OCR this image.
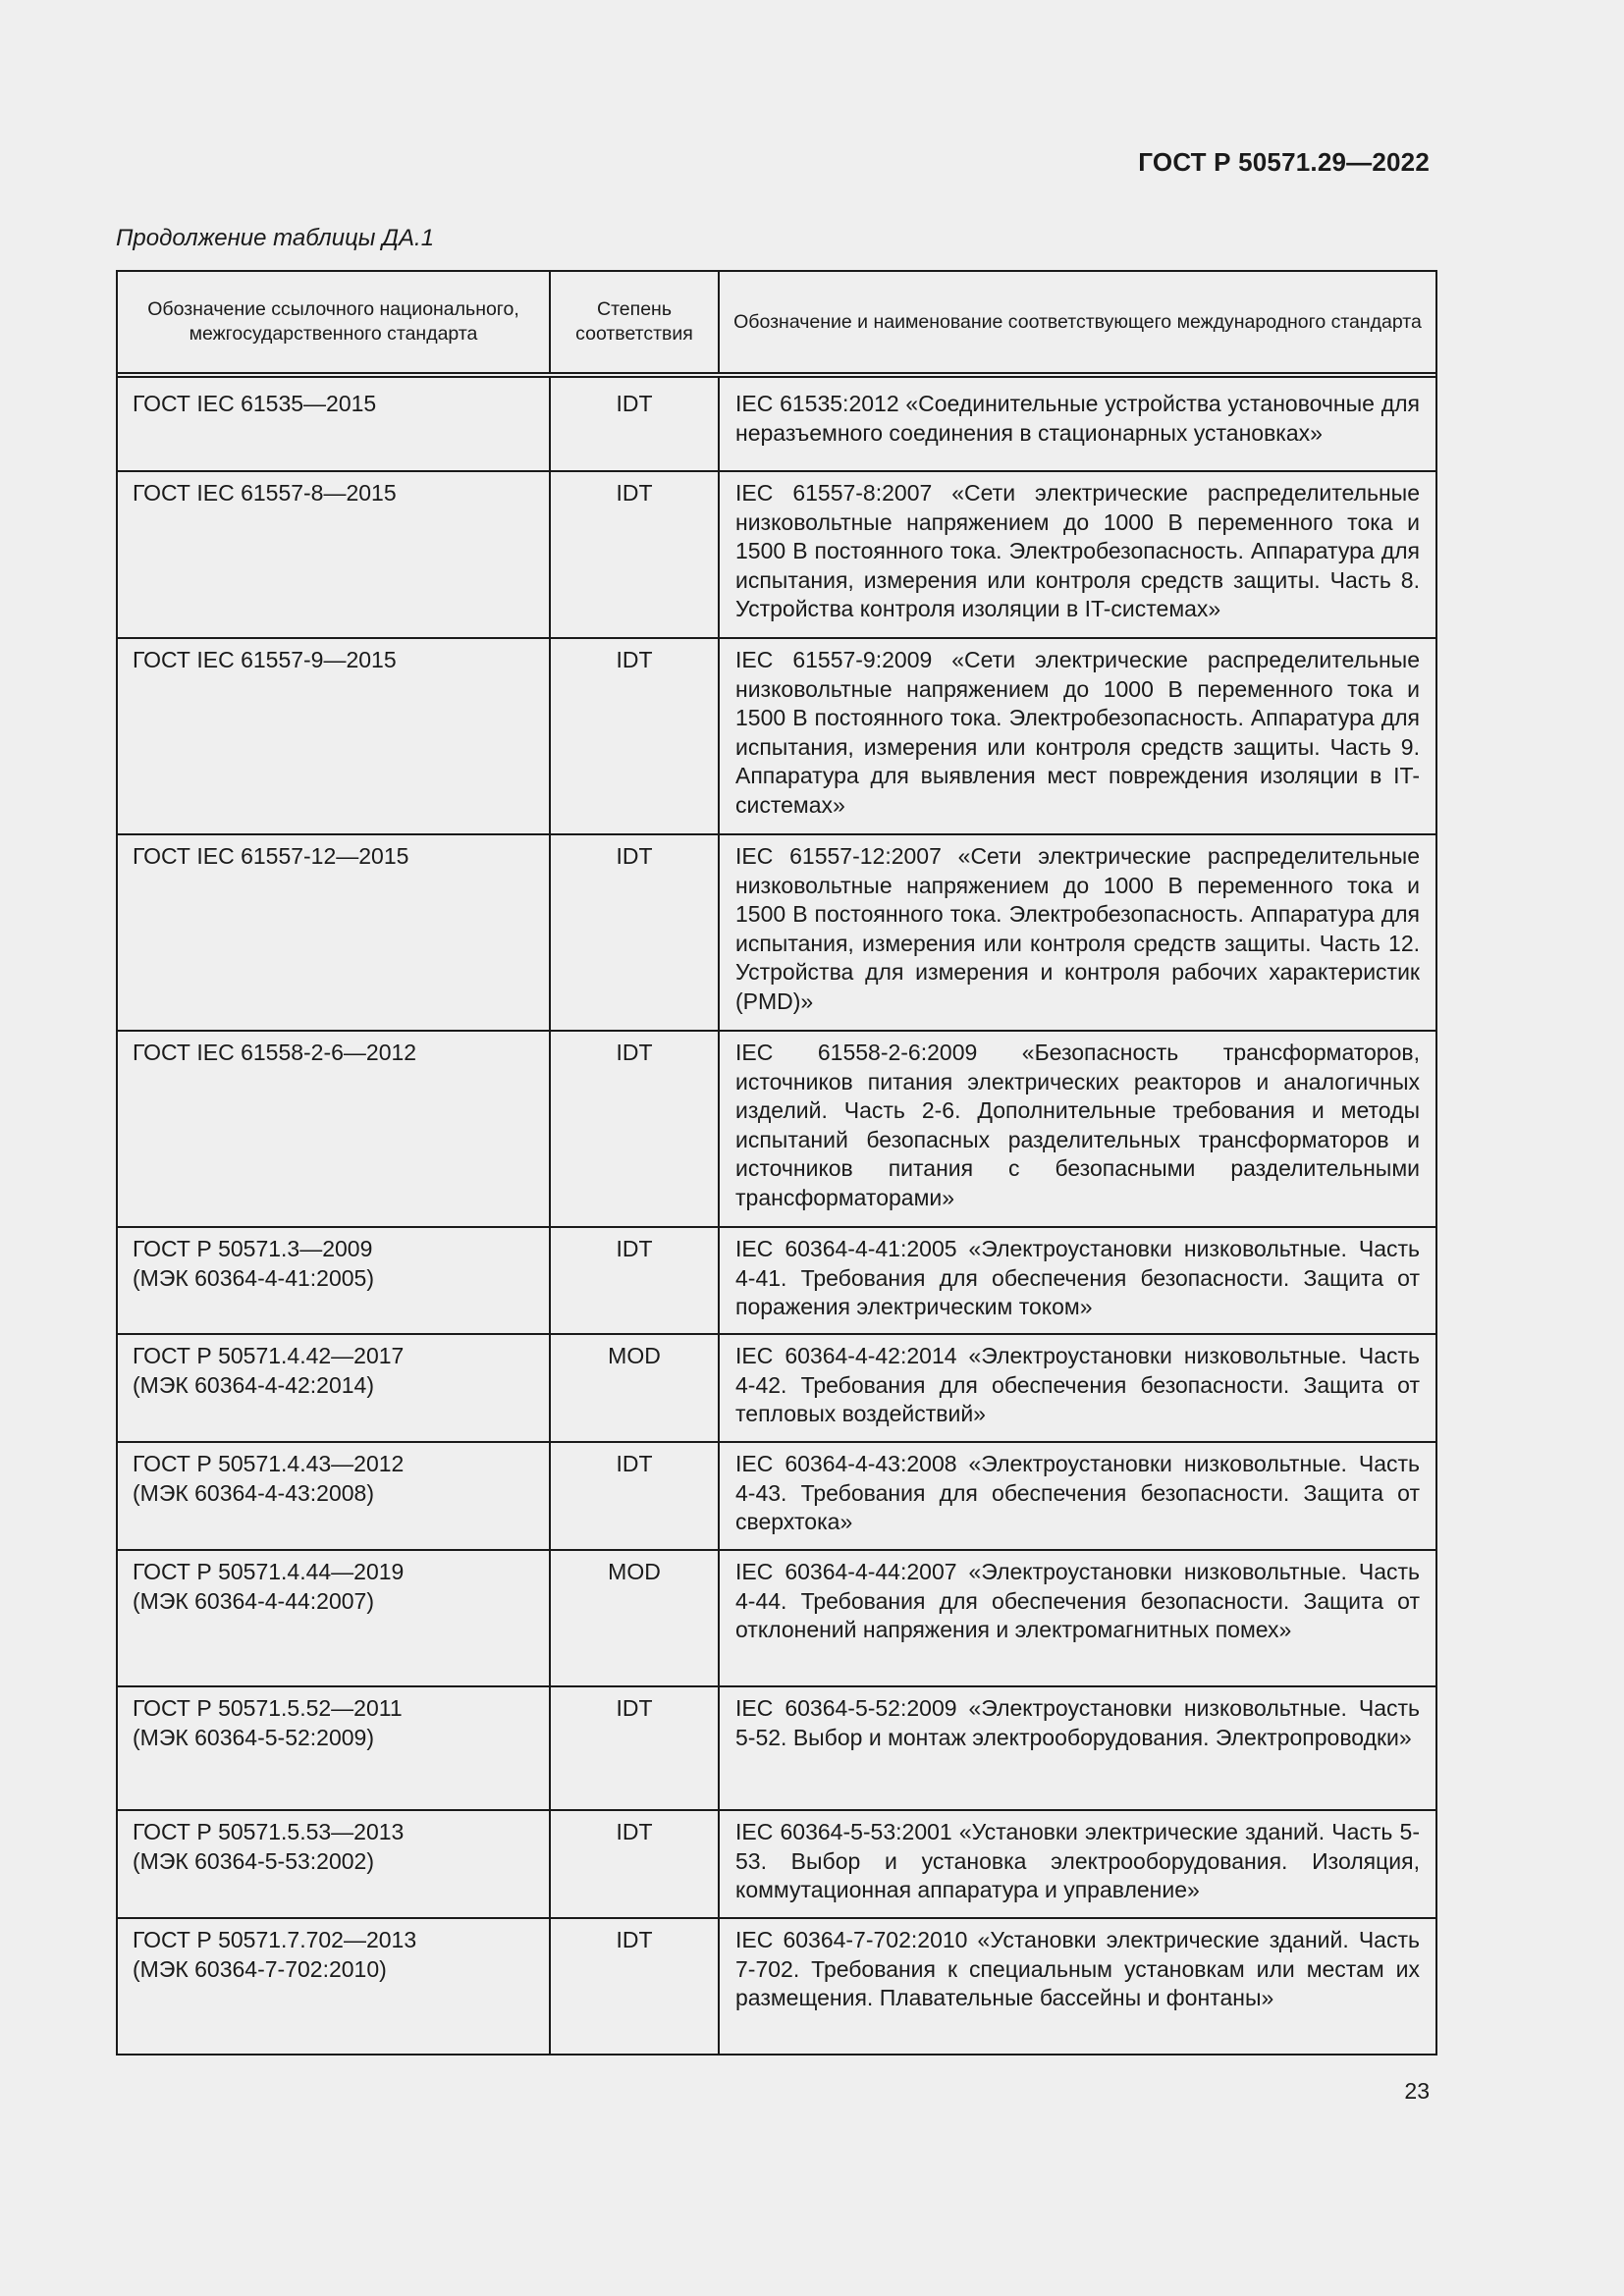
ГОСТ Р 50571.29—2022
Продолжение таблицы ДА.1
Обозначение ссылочного национального, межгосударственного стандарта	Степень соответствия	Обозначение и наименование соответствующего международного стандарта

ГОСТ IEC 61535—2015	IDT	IEC 61535:2012 «Соединительные устройства установочные для неразъемного соединения в стационарных установках»

ГОСТ IEC 61557-8—2015	IDT	IEC 61557-8:2007 «Сети электрические распределительные низковольтные напряжением до 1000 В переменного тока и 1500 В постоянного тока. Электробезопасность. Аппаратура для испытания, измерения или контроля средств защиты. Часть 8. Устройства контроля изоляции в IT-системах»

ГОСТ IEC 61557-9—2015	IDT	IEC 61557-9:2009 «Сети электрические распределительные низковольтные напряжением до 1000 В переменного тока и 1500 В постоянного тока. Электробезопасность. Аппаратура для испытания, измерения или контроля средств защиты. Часть 9. Аппаратура для выявления мест повреждения изоляции в IT-системах»

ГОСТ IEC 61557-12—2015	IDT	IEC 61557-12:2007 «Сети электрические распределительные низковольтные напряжением до 1000 В переменного тока и 1500 В постоянного тока. Электробезопасность. Аппаратура для испытания, измерения или контроля средств защиты. Часть 12. Устройства для измерения и контроля рабочих характеристик (PMD)»

ГОСТ IEC 61558-2-6—2012	IDT	IEC 61558-2-6:2009 «Безопасность трансформаторов, источников питания электрических реакторов и аналогичных изделий. Часть 2-6. Дополнительные требования и методы испытаний безопасных разделительных трансформаторов и источников питания с безопасными разделительными трансформаторами»

ГОСТ Р 50571.3—2009
(МЭК 60364-4-41:2005)	IDT	IEC 60364-4-41:2005 «Электроустановки низковольтные. Часть 4-41. Требования для обеспечения безопасности. Защита от поражения электрическим током»

ГОСТ Р 50571.4.42—2017
(МЭК 60364-4-42:2014)	MOD	IEC 60364-4-42:2014 «Электроустановки низковольтные. Часть 4-42. Требования для обеспечения безопасности. Защита от тепловых воздействий»

ГОСТ Р 50571.4.43—2012
(МЭК 60364-4-43:2008)	IDT	IEC 60364-4-43:2008 «Электроустановки низковольтные. Часть 4-43. Требования для обеспечения безопасности. Защита от сверхтока»

ГОСТ Р 50571.4.44—2019
(МЭК 60364-4-44:2007)	MOD	IEC 60364-4-44:2007 «Электроустановки низковольтные. Часть 4-44. Требования для обеспечения безопасности. Защита от отклонений напряжения и электромагнитных помех»

ГОСТ Р 50571.5.52—2011
(МЭК 60364-5-52:2009)	IDT	IEC 60364-5-52:2009 «Электроустановки низковольтные. Часть 5-52. Выбор и монтаж электрооборудования. Электропроводки»

ГОСТ Р 50571.5.53—2013
(МЭК 60364-5-53:2002)	IDT	IEC 60364-5-53:2001 «Установки электрические зданий. Часть 5-53. Выбор и установка электрооборудования. Изоляция, коммутационная аппаратура и управление»

ГОСТ Р 50571.7.702—2013
(МЭК 60364-7-702:2010)	IDT	IEC 60364-7-702:2010 «Установки электрические зданий. Часть 7-702. Требования к специальным установкам или местам их размещения. Плавательные бассейны и фонтаны»
23
